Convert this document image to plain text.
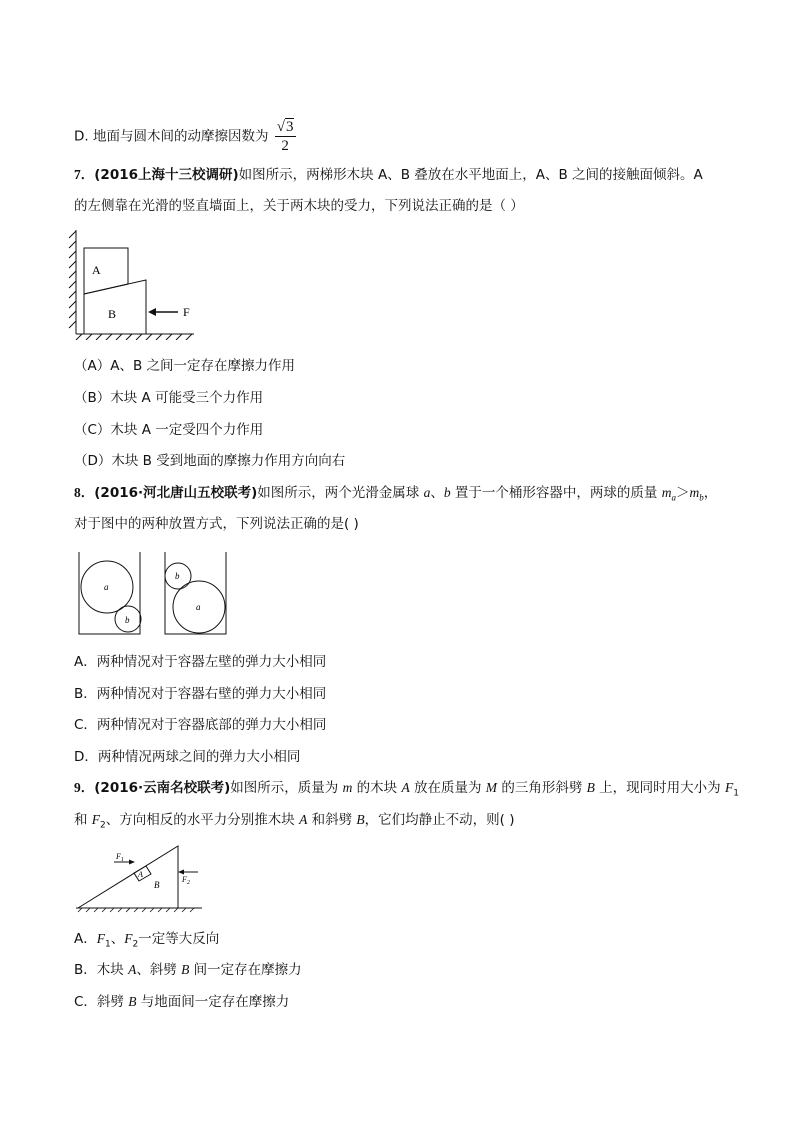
D. 地面与圆木间的动摩擦因数为 $\frac{√3}{2}$
7．(2016上海十三校调研)如图所示，两梯形木块 A、B 叠放在水平地面上，A、B 之间的接触面倾斜。A
的左侧靠在光滑的竖直墙面上，关于两木块的受力，下列说法正确的是（ ）
A
B	F
（A）A、B 之间一定存在摩擦力作用
（B）木块 A 可能受三个力作用
（C）木块 A 一定受四个力作用
（D）木块 B 受到地面的摩擦力作用方向向右
8．(2016·河北唐山五校联考)如图所示，两个光滑金属球 a、b 置于一个桶形容器中，两球的质量 $m_a>m_b$，
对于图中的两种放置方式，下列说法正确的是( )
a
b
b
a
A．两种情况对于容器左壁的弹力大小相同
B．两种情况对于容器右壁的弹力大小相同
C．两种情况对于容器底部的弹力大小相同
D．两种情况两球之间的弹力大小相同
9．(2016·云南名校联考)如图所示，质量为 m 的木块 A 放在质量为 M 的三角形斜劈 B 上，现同时用大小为 $F_1$
和 $F_2$、方向相反的水平力分别推木块 A 和斜劈 B，它们均静止不动，则( )
A
B
$F_1$
$F_2$
A．$F_1$、$F_2$一定等大反向
B．木块 A、斜劈 B 间一定存在摩擦力
C．斜劈 B 与地面间一定存在摩擦力
